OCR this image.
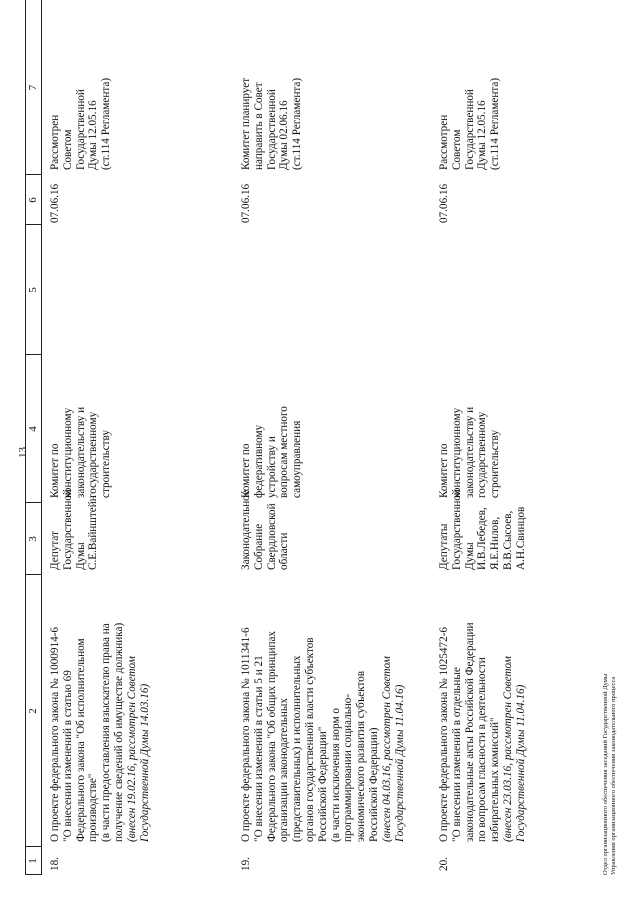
13
1
2
3
4
5
6
7
18.
О проекте федерального закона № 1000914-6 "О внесении изменений в статью 69 Федерального закона "Об исполнительном производстве" (в части предоставления взыскателю права на получение сведений об имуществе должника) (внесен 19.02.16, рассмотрен Советом Государственной Думы 14.03.16)
Депутат Государственной Думы С.Е.Вайнштейн
Комитет по конституционному законодательству и государственному строительству
07.06.16
Рассмотрен Советом Государственной Думы 12.05.16 (ст.114 Регламента)
19.
О проекте федерального закона № 1011341-6 "О внесении изменений в статьи 5 и 21 Федерального закона "Об общих принципах организации законодательных (представительных) и исполнительных органов государственной власти субъектов Российской Федерации" (в части исключения норм о программировании социально- экономического развития субъектов Российской Федерации) (внесен 04.03.16, рассмотрен Советом Государственной Думы 11.04.16)
Законодательное Собрание Свердловской области
Комитет по федеративному устройству и вопросам местного самоуправления
07.06.16
Комитет планирует направить в Совет Государственной Думы 02.06.16 (ст.114 Регламента)
20.
О проекте федерального закона № 1025472-6 "О внесении изменений в отдельные законодательные акты Российской Федерации по вопросам гласности в деятельности избирательных комиссий" (внесен 23.03.16, рассмотрен Советом Государственной Думы 11.04.16)
Депутаты Государственной Думы И.В.Лебедев, Я.Е.Нилов, В.В.Сысоев, А.Н.Свинцов
Комитет по конституционному законодательству и государственному строительству
07.06.16
Рассмотрен Советом Государственной Думы 12.05.16 (ст.114 Регламента)
Отдел организационного обеспечения заседаний Государственной Думы Управления организационного обеспечения законодательного процесса
